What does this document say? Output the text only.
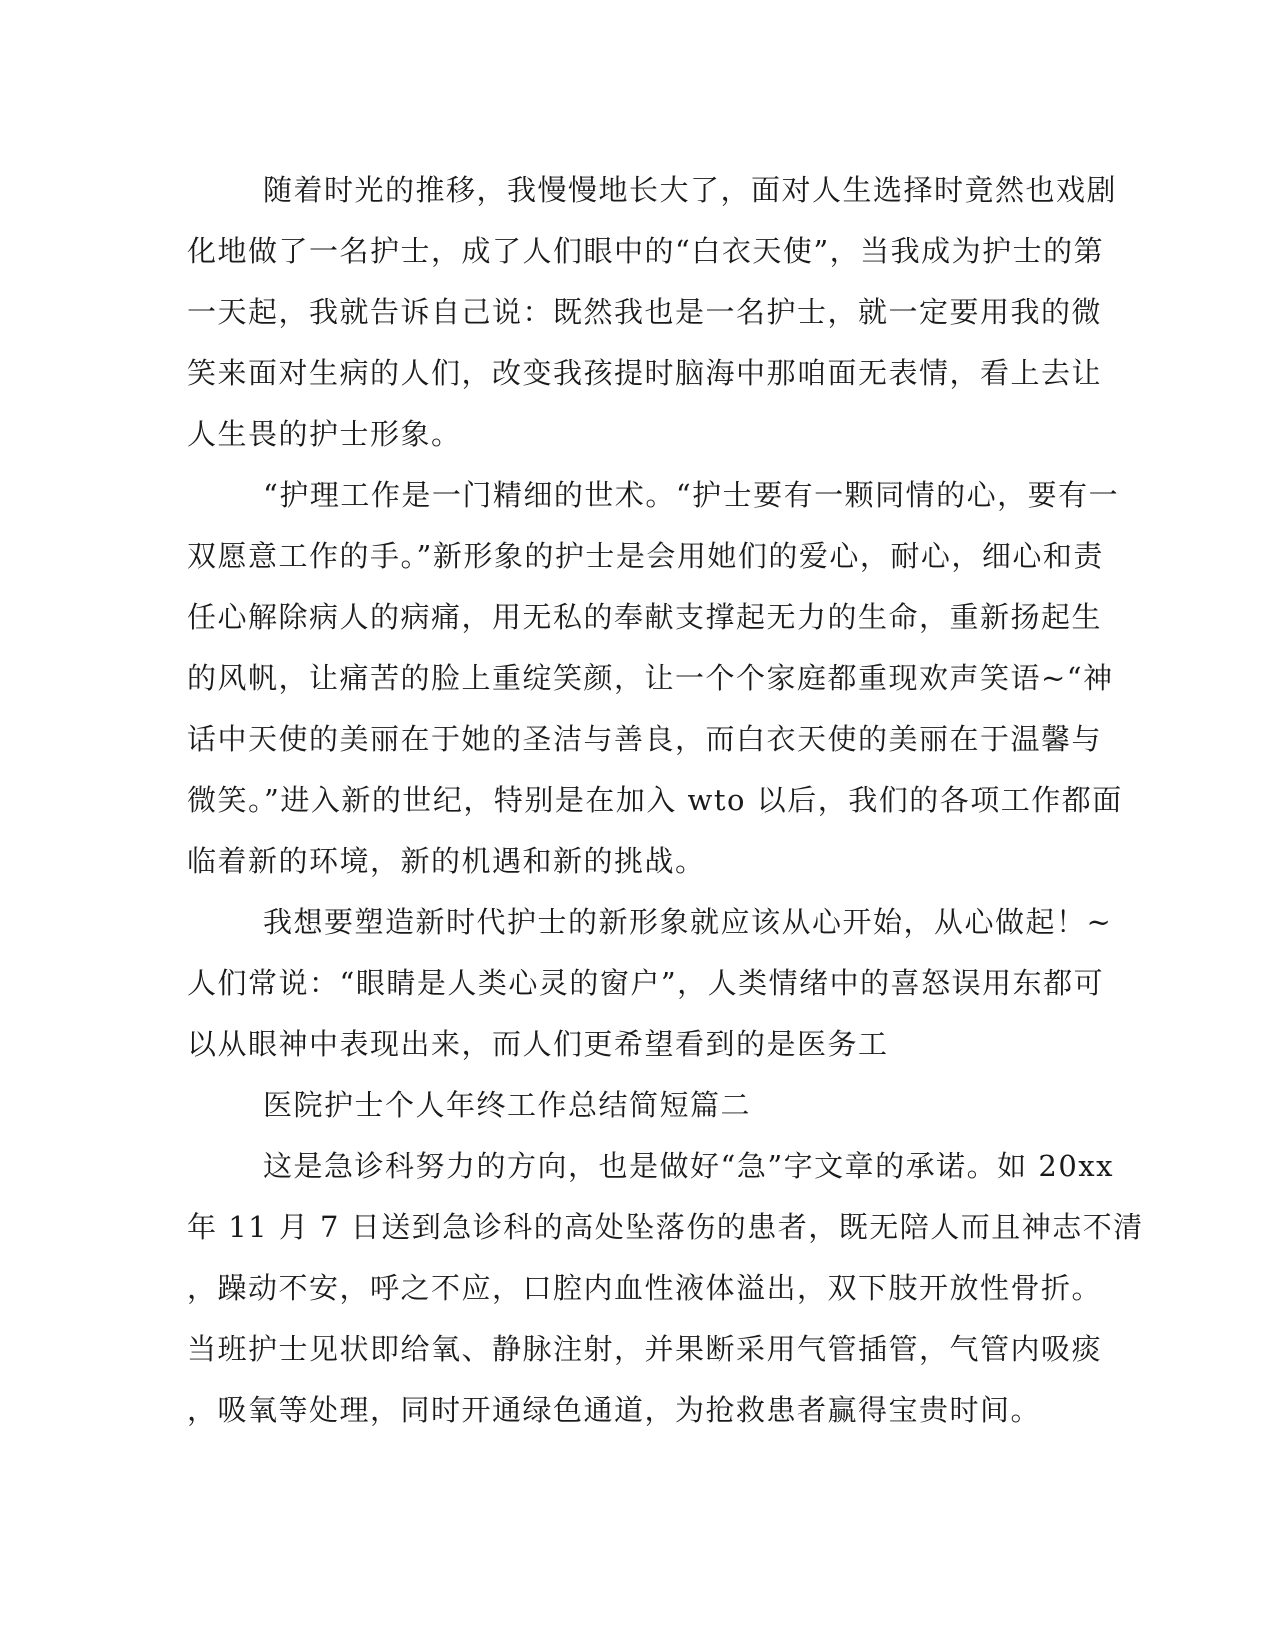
随着时光的推移，我慢慢地长大了，面对人生选择时竟然也戏剧
化地做了一名护士，成了人们眼中的“白衣天使”，当我成为护士的第
一天起，我就告诉自己说：既然我也是一名护士，就一定要用我的微
笑来面对生病的人们，改变我孩提时脑海中那咱面无表情，看上去让
人生畏的护士形象。
“护理工作是一门精细的世术。“护士要有一颗同情的心，要有一
双愿意工作的手。”新形象的护士是会用她们的爱心，耐心，细心和责
任心解除病人的病痛，用无私的奉献支撑起无力的生命，重新扬起生
的风帆，让痛苦的脸上重绽笑颜，让一个个家庭都重现欢声笑语~“神
话中天使的美丽在于她的圣洁与善良，而白衣天使的美丽在于温馨与
微笑。”进入新的世纪，特别是在加入 wto 以后，我们的各项工作都面
临着新的环境，新的机遇和新的挑战。
我想要塑造新时代护士的新形象就应该从心开始，从心做起！~
人们常说：“眼睛是人类心灵的窗户”，人类情绪中的喜怒误用东都可
以从眼神中表现出来，而人们更希望看到的是医务工
医院护士个人年终工作总结简短篇二
这是急诊科努力的方向，也是做好“急”字文章的承诺。如 20xx
年 11 月 7 日送到急诊科的高处坠落伤的患者，既无陪人而且神志不清
，躁动不安，呼之不应，口腔内血性液体溢出，双下肢开放性骨折。
当班护士见状即给氧、静脉注射，并果断采用气管插管，气管内吸痰
，吸氧等处理，同时开通绿色通道，为抢救患者赢得宝贵时间。
